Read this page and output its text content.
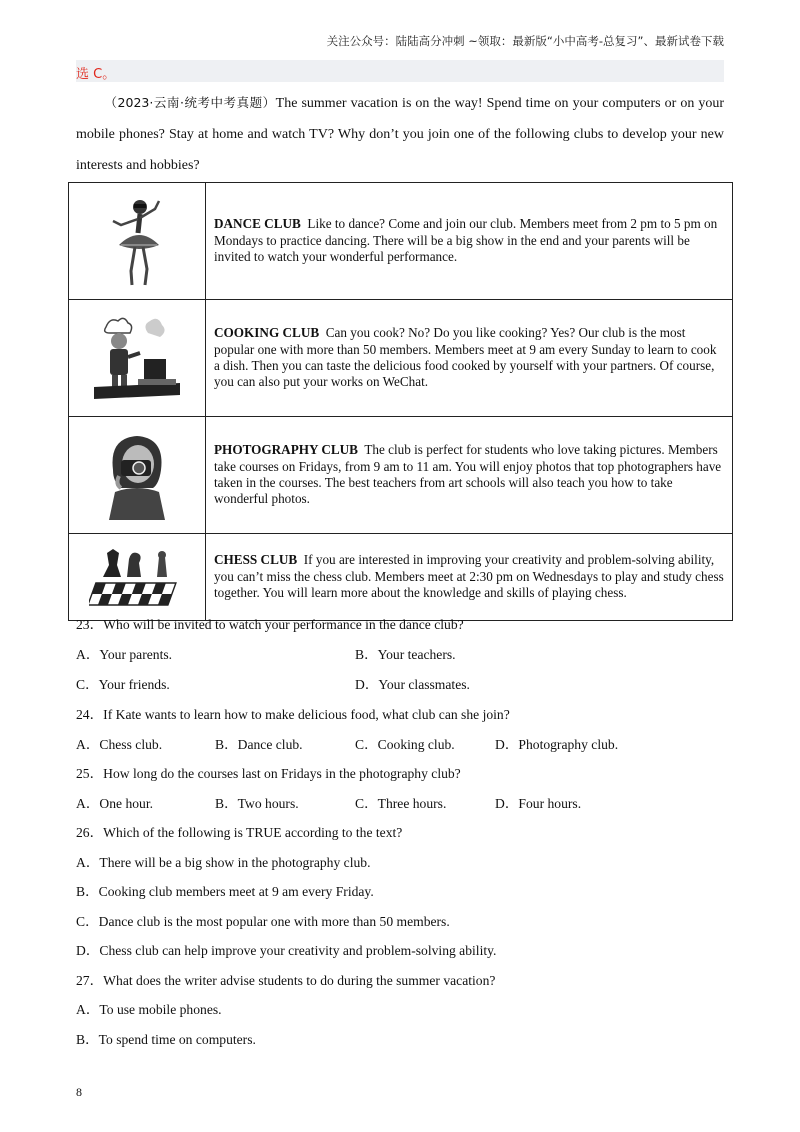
关注公众号：陆陆高分冲刺 ~领取：最新版“小中高考-总复习”、最新试卷下载
选 C。
（2023·云南·统考中考真题）The summer vacation is on the way! Spend time on your computers or on your mobile phones? Stay at home and watch TV? Why don’t you join one of the following clubs to develop your new interests and hobbies?
	DANCE CLUB Like to dance? Come and join our club. Members meet from 2 pm to 5 pm on Mondays to practice dancing. There will be a big show in the end and your parents will be invited to watch your wonderful performance.

	COOKING CLUB Can you cook? No? Do you like cooking? Yes? Our club is the most popular one with more than 50 members. Members meet at 9 am every Sunday to learn to cook a dish. Then you can taste the delicious food cooked by yourself with your partners. Of course, you can also put your works on WeChat.

	PHOTOGRAPHY CLUB The club is perfect for students who love taking pictures. Members take courses on Fridays, from 9 am to 11 am. You will enjoy photos that top photographers have taken in the courses. The best teachers from art schools will also teach you how to take wonderful photos.

	CHESS CLUB If you are interested in improving your creativity and problem-solving ability, you can’t miss the chess club. Members meet at 2:30 pm on Wednesdays to play and study chess together. You will learn more about the knowledge and skills of playing chess.
23．Who will be invited to watch your performance in the dance club?
A．Your parents.	B．Your teachers.
C．Your friends.	D．Your classmates.
24．If Kate wants to learn how to make delicious food, what club can she join?
A．Chess club.	B．Dance club.	C．Cooking club.	D．Photography club.
25．How long do the courses last on Fridays in the photography club?
A．One hour.	B．Two hours.	C．Three hours.	D．Four hours.
26．Which of the following is TRUE according to the text?
A．There will be a big show in the photography club.
B．Cooking club members meet at 9 am every Friday.
C．Dance club is the most popular one with more than 50 members.
D．Chess club can help improve your creativity and problem-solving ability.
27．What does the writer advise students to do during the summer vacation?
A．To use mobile phones.
B．To spend time on computers.
8
